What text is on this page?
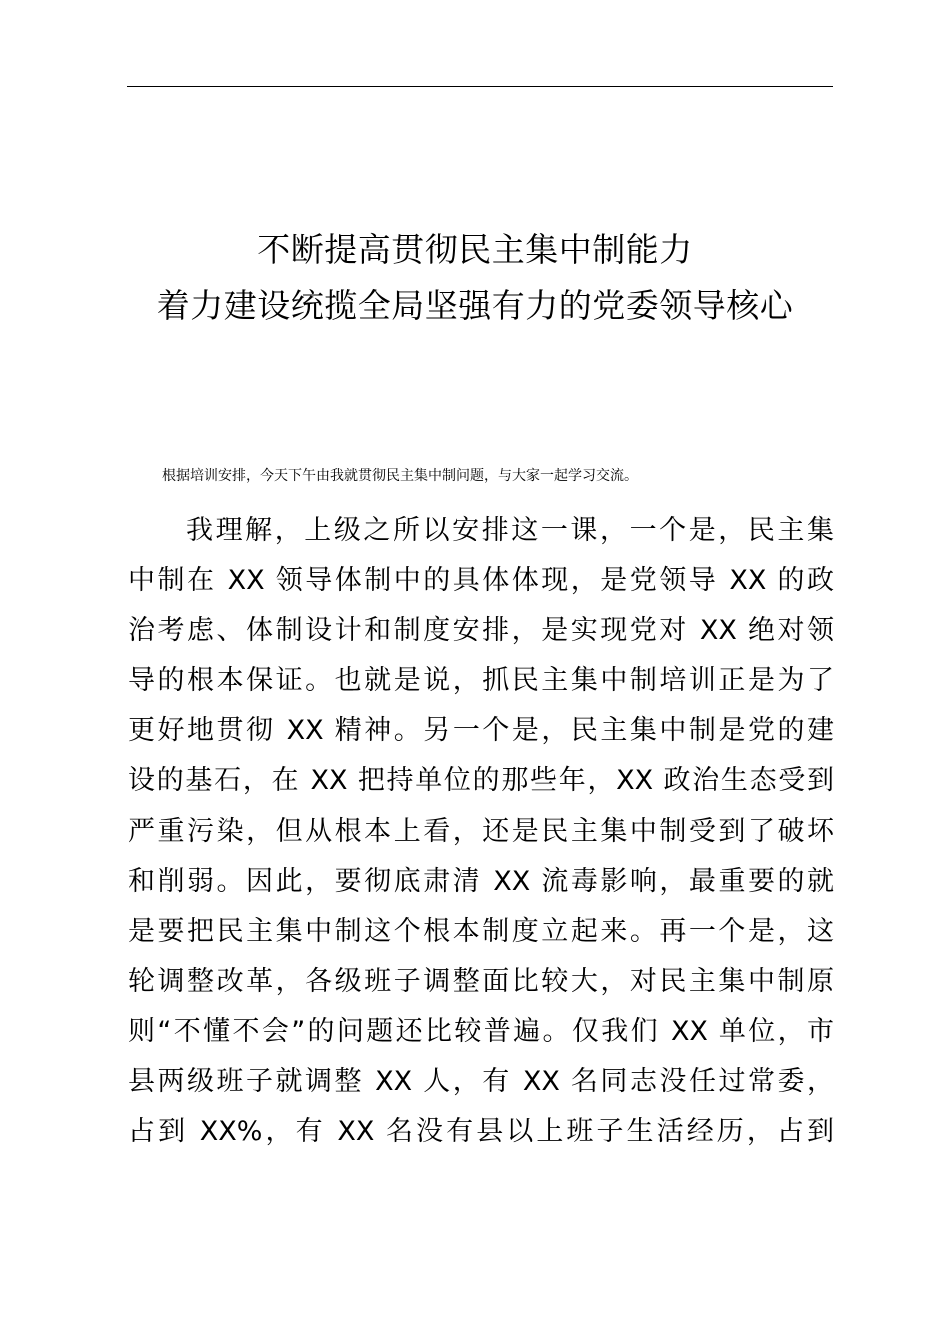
不断提高贯彻民主集中制能力
着力建设统揽全局坚强有力的党委领导核心
根据培训安排，今天下午由我就贯彻民主集中制问题，与大家一起学习交流。
我理解，上级之所以安排这一课，一个是，民主集
中制在 XX 领导体制中的具体体现，是党领导 XX 的政
治考虑、体制设计和制度安排，是实现党对 XX 绝对领
导的根本保证。也就是说，抓民主集中制培训正是为了
更好地贯彻 XX 精神。另一个是，民主集中制是党的建
设的基石，在 XX 把持单位的那些年，XX 政治生态受到
严重污染，但从根本上看，还是民主集中制受到了破坏
和削弱。因此，要彻底肃清 XX 流毒影响，最重要的就
是要把民主集中制这个根本制度立起来。再一个是，这
轮调整改革，各级班子调整面比较大，对民主集中制原
则“不懂不会”的问题还比较普遍。仅我们 XX 单位，市
县两级班子就调整 XX 人，有 XX 名同志没任过常委，
占到 XX%，有 XX 名没有县以上班子生活经历，占到
